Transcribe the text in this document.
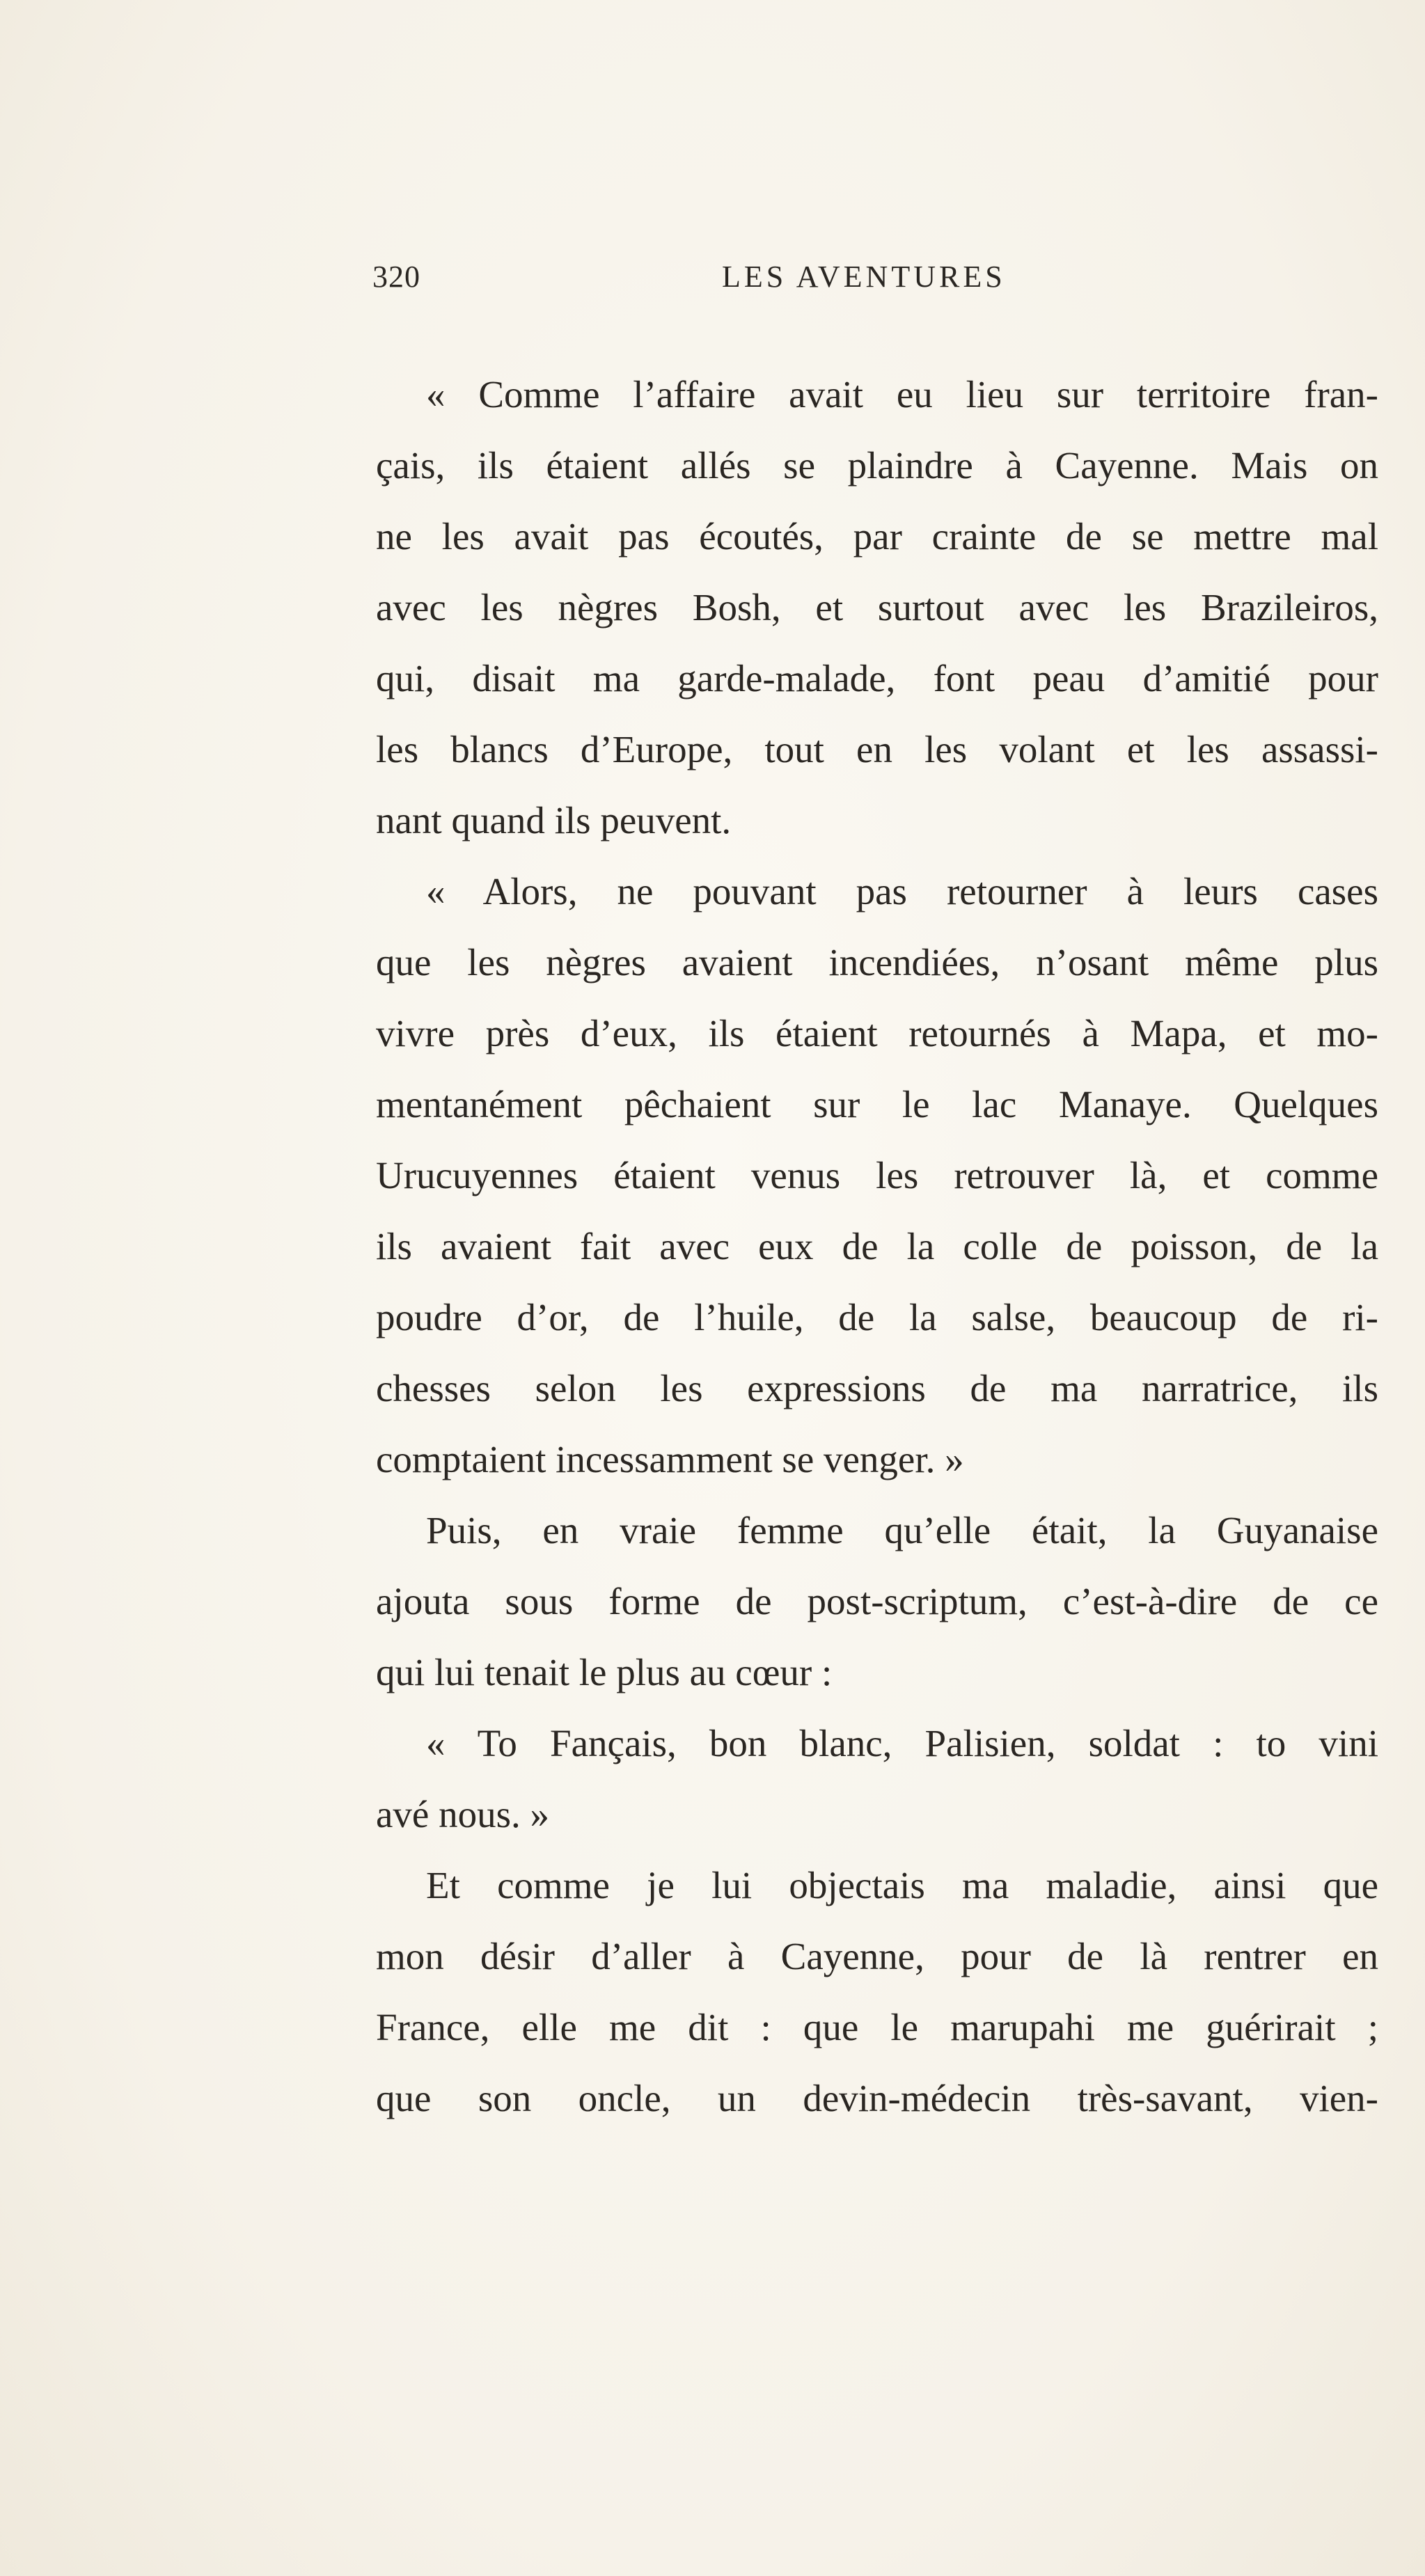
320	LES AVENTURES
« Comme l’affaire avait eu lieu sur territoire fran-
çais, ils étaient allés se plaindre à Cayenne. Mais on
ne les avait pas écoutés, par crainte de se mettre mal
avec les nègres Bosh, et surtout avec les Brazileiros,
qui, disait ma garde-malade, font peau d’amitié pour
les blancs d’Europe, tout en les volant et les assassi-
nant quand ils peuvent.
« Alors, ne pouvant pas retourner à leurs cases
que les nègres avaient incendiées, n’osant même plus
vivre près d’eux, ils étaient retournés à Mapa, et mo-
mentanément pêchaient sur le lac Manaye. Quelques
Urucuyennes étaient venus les retrouver là, et comme
ils avaient fait avec eux de la colle de poisson, de la
poudre d’or, de l’huile, de la salse, beaucoup de ri-
chesses selon les expressions de ma narratrice, ils
comptaient incessamment se venger. »
Puis, en vraie femme qu’elle était, la Guyanaise
ajouta sous forme de post-scriptum, c’est-à-dire de ce
qui lui tenait le plus au cœur :
« To Fançais, bon blanc, Palisien, soldat : to vini
avé nous. »
Et comme je lui objectais ma maladie, ainsi que
mon désir d’aller à Cayenne, pour de là rentrer en
France, elle me dit : que le marupahi me guérirait ;
que son oncle, un devin-médecin très-savant, vien-
